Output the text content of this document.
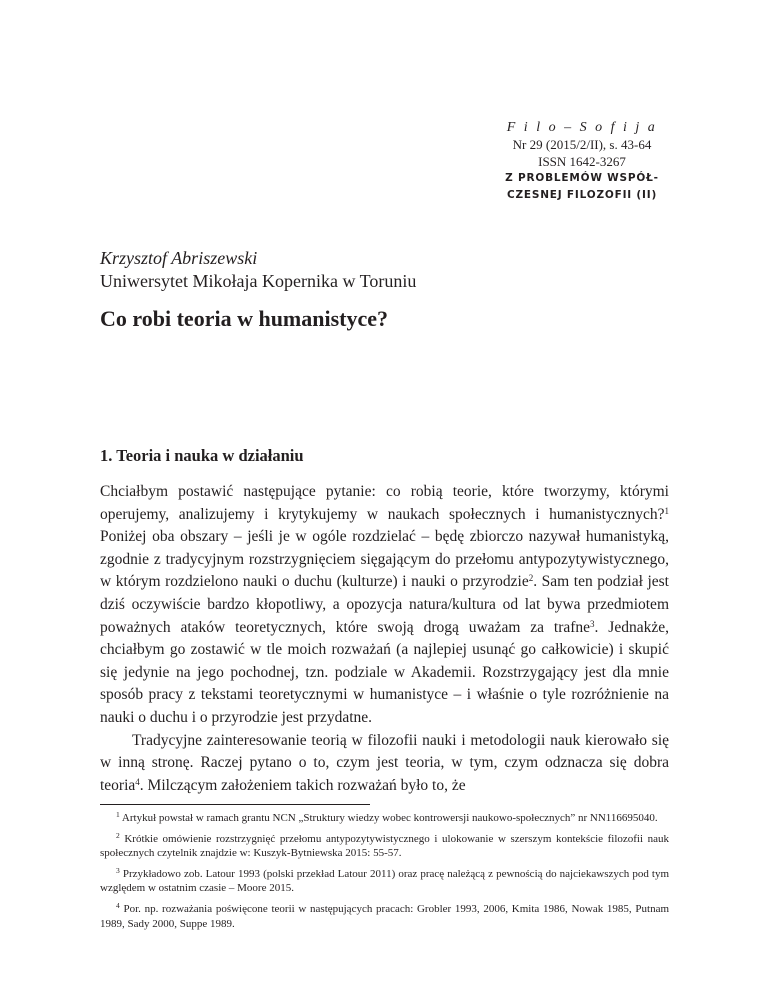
F i l o – S o f i j a
Nr 29 (2015/2/II), s. 43-64
ISSN 1642-3267
Z PROBLEMÓW WSPÓŁ-
CZESNEJ FILOZOFII (II)
Krzysztof Abriszewski
Uniwersytet Mikołaja Kopernika w Toruniu
Co robi teoria w humanistyce?
1. Teoria i nauka w działaniu

Chciałbym postawić następujące pytanie: co robią teorie, które tworzymy, którymi operujemy, analizujemy i krytykujemy w naukach społecznych i humanistycznych?$^1$ Poniżej oba obszary – jeśli je w ogóle rozdzielać – będę zbiorczo nazywał humanistyką, zgodnie z tradycyjnym rozstrzygnięciem sięgającym do przełomu antypozytywistycznego, w którym rozdzielono nauki o duchu (kulturze) i nauki o przyrodzie$^2$. Sam ten podział jest dziś oczywiście bardzo kłopotliwy, a opozycja natura/kultura od lat bywa przedmiotem poważnych ataków teoretycznych, które swoją drogą uważam za trafne$^3$. Jednakże, chciałbym go zostawić w tle moich rozważań (a najlepiej usunąć go całkowicie) i skupić się jedynie na jego pochodnej, tzn. podziale w Akademii. Rozstrzygający jest dla mnie sposób pracy z tekstami teoretycznymi w humanistyce – i właśnie o tyle rozróżnienie na nauki o duchu i o przyrodzie jest przydatne.

Tradycyjne zainteresowanie teorią w filozofii nauki i metodologii nauk kierowało się w inną stronę. Raczej pytano o to, czym jest teoria, w tym, czym odznacza się dobra teoria$^4$. Milczącym założeniem takich rozważań było to, że

$^1$ Artykuł powstał w ramach grantu NCN „Struktury wiedzy wobec kontrowersji naukowo-społecznych” nr NN116695040.

$^2$ Krótkie omówienie rozstrzygnięć przełomu antypozytywistycznego i ulokowanie w szerszym kontekście filozofii nauk społecznych czytelnik znajdzie w: Kuszyk-Bytniewska 2015: 55-57.

$^3$ Przykładowo zob. Latour 1993 (polski przekład Latour 2011) oraz pracę należącą z pewnością do najciekawszych pod tym względem w ostatnim czasie – Moore 2015.

$^4$ Por. np. rozważania poświęcone teorii w następujących pracach: Grobler 1993, 2006, Kmita 1986, Nowak 1985, Putnam 1989, Sady 2000, Suppe 1989.
